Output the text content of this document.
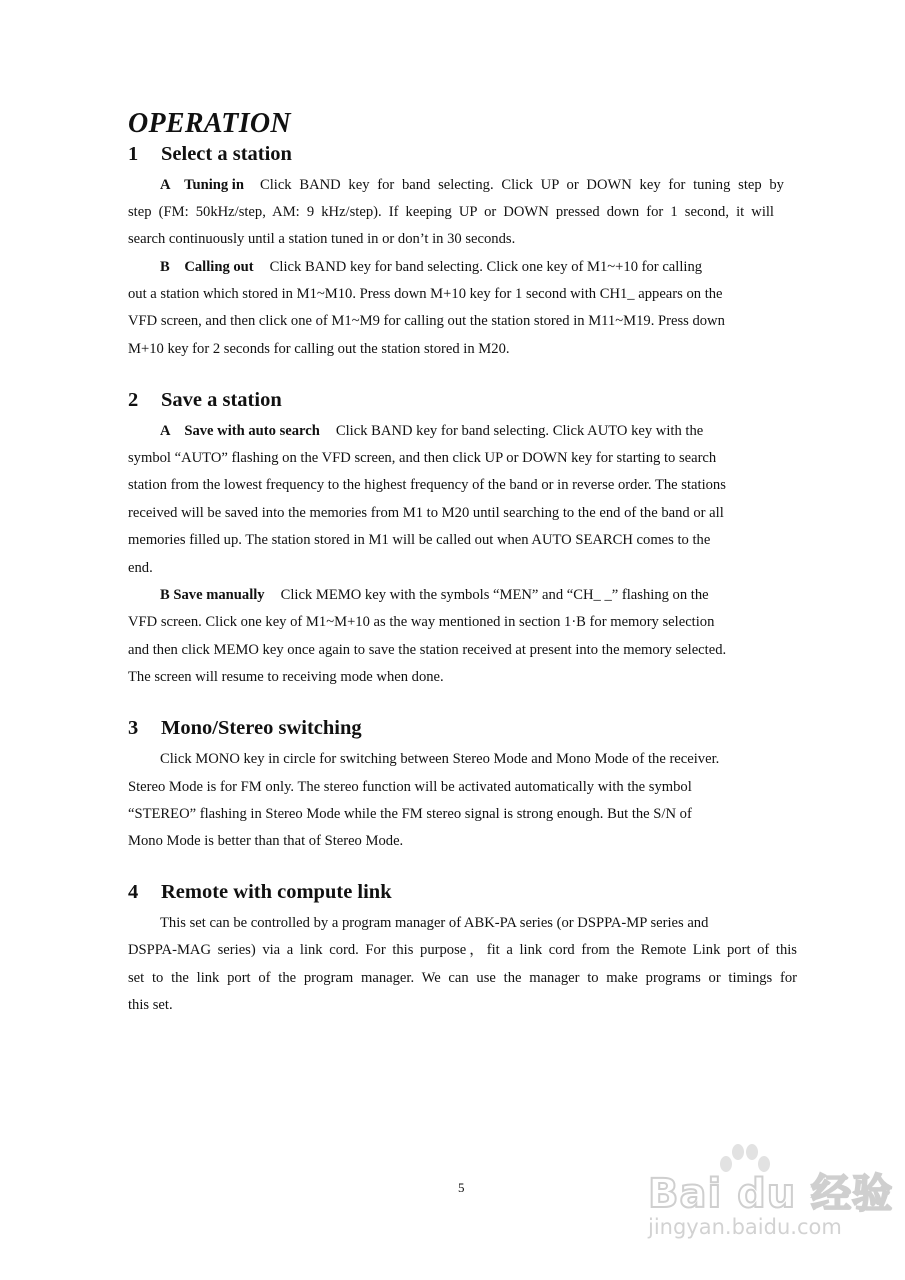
OPERATION
1 Select a station
A    Tuning in Click BAND key for band selecting. Click UP or DOWN key for tuning step by
step (FM: 50kHz/step, AM: 9 kHz/step). If keeping UP or DOWN pressed down for 1 second, it will
search continuously until a station tuned in or don’t in 30 seconds.
B    Calling out Click BAND key for band selecting. Click one key of M1~+10 for calling
out a station which stored in M1~M10. Press down M+10 key for 1 second with CH1_ appears on the
VFD screen, and then click one of M1~M9 for calling out the station stored in M11~M19. Press down
M+10 key for 2 seconds for calling out the station stored in M20.
2 Save a station
A    Save with auto search Click BAND key for band selecting. Click AUTO key with the
symbol “AUTO” flashing on the VFD screen, and then click UP or DOWN key for starting to search
station from the lowest frequency to the highest frequency of the band or in reverse order. The stations
received will be saved into the memories from M1 to M20 until searching to the end of the band or all
memories filled up. The station stored in M1 will be called out when AUTO SEARCH comes to the
end.
B Save manually Click MEMO key with the symbols “MEN” and “CH_ _” flashing on the
VFD screen. Click one key of M1~M+10 as the way mentioned in section 1·B for memory selection
and then click MEMO key once again to save the station received at present into the memory selected.
The screen will resume to receiving mode when done.
3 Mono/Stereo switching
Click MONO key in circle for switching between Stereo Mode and Mono Mode of the receiver.
Stereo Mode is for FM only. The stereo function will be activated automatically with the symbol
“STEREO” flashing in Stereo Mode while the FM stereo signal is strong enough. But the S/N of
Mono Mode is better than that of Stereo Mode.
4 Remote with compute link
This set can be controlled by a program manager of ABK-PA series (or DSPPA-MP series and
DSPPA-MAG series) via a link cord. For this purpose，fit a link cord from the Remote Link port of this
set to the link port of the program manager. We can use the manager to make programs or timings for
this set.
5	Bai du 经验
jingyan.baidu.com
